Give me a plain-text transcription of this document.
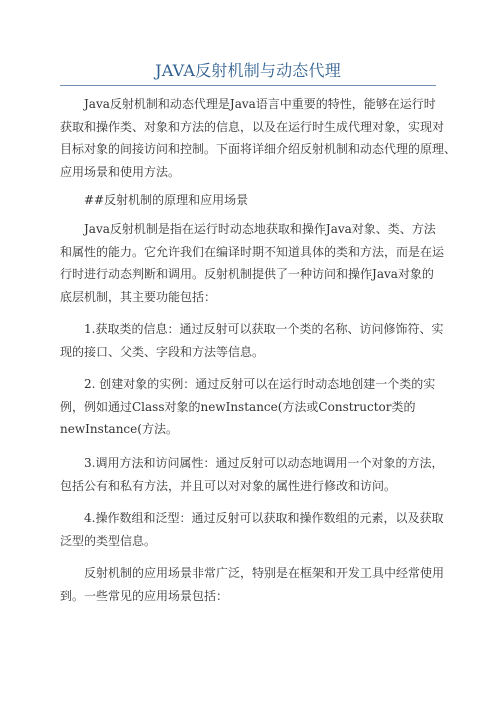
JAVA反射机制与动态代理
Java反射机制和动态代理是Java语言中重要的特性，能够在运行时
获取和操作类、对象和方法的信息，以及在运行时生成代理对象，实现对
目标对象的间接访问和控制。下面将详细介绍反射机制和动态代理的原理、
应用场景和使用方法。
##反射机制的原理和应用场景
Java反射机制是指在运行时动态地获取和操作Java对象、类、方法
和属性的能力。它允许我们在编译时期不知道具体的类和方法，而是在运
行时进行动态判断和调用。反射机制提供了一种访问和操作Java对象的
底层机制，其主要功能包括：
1.获取类的信息：通过反射可以获取一个类的名称、访问修饰符、实
现的接口、父类、字段和方法等信息。
2. 创建对象的实例：通过反射可以在运行时动态地创建一个类的实
例，例如通过Class对象的newInstance(方法或Constructor类的
newInstance(方法。
3.调用方法和访问属性：通过反射可以动态地调用一个对象的方法，
包括公有和私有方法，并且可以对对象的属性进行修改和访问。
4.操作数组和泛型：通过反射可以获取和操作数组的元素，以及获取
泛型的类型信息。
反射机制的应用场景非常广泛，特别是在框架和开发工具中经常使用
到。一些常见的应用场景包括：
